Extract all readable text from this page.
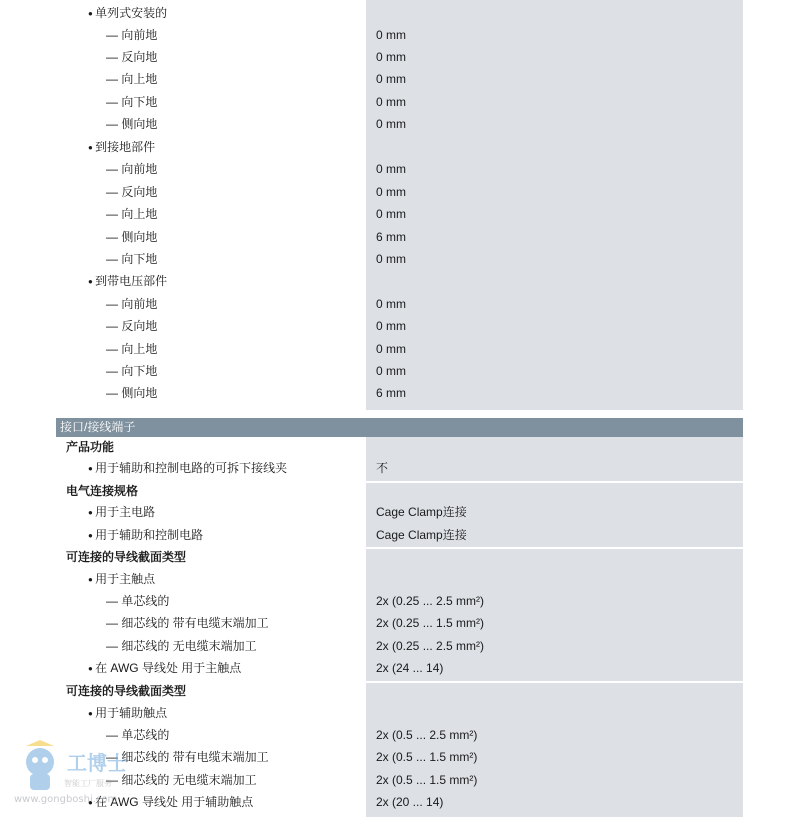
● 单列式安装的
— 向前地	0 mm
— 反向地	0 mm
— 向上地	0 mm
— 向下地	0 mm
— 侧向地	0 mm
● 到接地部件
— 向前地	0 mm
— 反向地	0 mm
— 向上地	0 mm
— 侧向地	6 mm
— 向下地	0 mm
● 到带电压部件
— 向前地	0 mm
— 反向地	0 mm
— 向上地	0 mm
— 向下地	0 mm
— 侧向地	6 mm
接口/接线端子
产品功能
● 用于辅助和控制电路的可拆下接线夹	不
电气连接规格
● 用于主电路	Cage Clamp连接
● 用于辅助和控制电路	Cage Clamp连接
可连接的导线截面类型
● 用于主触点
— 单芯线的	2x (0.25 ... 2.5 mm²)
— 细芯线的 带有电缆末端加工	2x (0.25 ... 1.5 mm²)
— 细芯线的 无电缆末端加工	2x (0.25 ... 2.5 mm²)
● 在 AWG 导线处 用于主触点	2x (24 ... 14)
可连接的导线截面类型
● 用于辅助触点
— 单芯线的	2x (0.5 ... 2.5 mm²)
— 细芯线的 带有电缆末端加工	2x (0.5 ... 1.5 mm²)
— 细芯线的 无电缆末端加工	2x (0.5 ... 1.5 mm²)
● 在 AWG 导线处 用于辅助触点	2x (20 ... 14)
工博士
智能工厂服务
www.gongboshi.com
